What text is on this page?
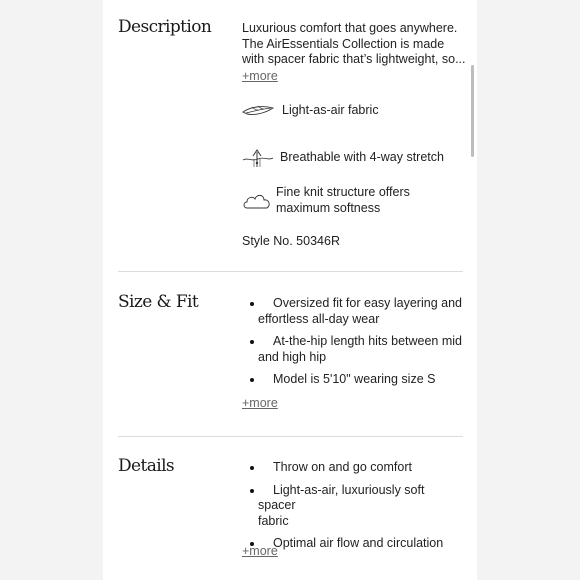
Description Luxurious comfort that goes anywhere.
The AirEssentials Collection is made
with spacer fabric that’s lightweight, so...

+more
Light-as-air fabric
Breathable with 4-way stretch
Fine knit structure offers
maximum softness
Style No. 50346R
Size & Fit	Oversized fit for easy layering and
effortless all-day wear
At-the-hip length hits between mid
and high hip
Model is 5'10" wearing size S
+more
Details	Throw on and go comfort
Light-as-air, luxuriously soft spacer
fabric
Optimal air flow and circulation
+more
